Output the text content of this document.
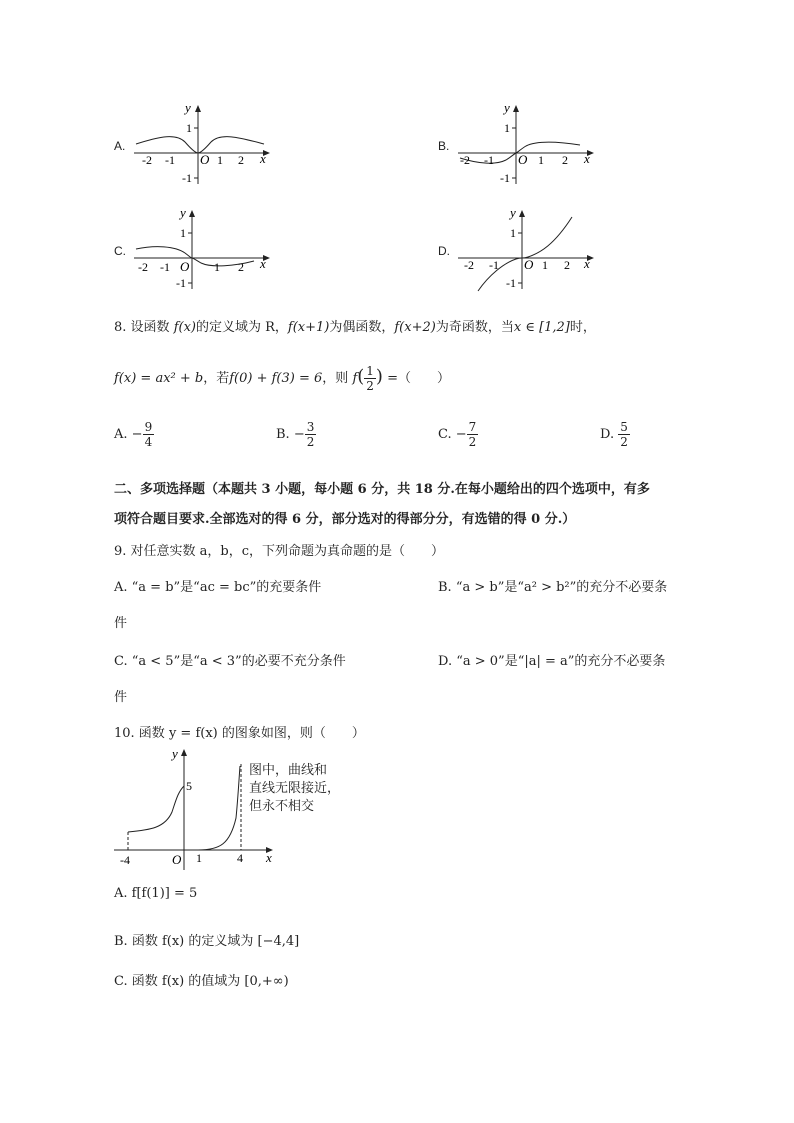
A.
y
x
O
-2 -1	1 2
1
-1
B.
y
x
O
-2 -1	1 2
1
-1
C.
y
x
O
-2 -1	1 2
1
-1
D.
y
x
O
-2 -1	1 2
1
-1
8. 设函数 f(x)的定义域为 R，f(x+1)为偶函数，f(x+2)为奇函数，当x ∈ [1,2]时，
f(x) = ax² + b，若f(0) + f(3) = 6，则 $f( \frac{1}{2}$ ) =（　　）
A. − $\frac{9}{4}$	B. − $\frac{3}{2}$	C. − $\frac{7}{2}$	D. $\frac{5}{2}$
二、多项选择题（本题共 3 小题，每小题 6 分，共 18 分.在每小题给出的四个选项中，有多
项符合题目要求.全部选对的得 6 分，部分选对的得部分分，有选错的得 0 分.）
9. 对任意实数 a，b，c，下列命题为真命题的是（　　）
A. “a = b”是“ac = bc”的充要条件	B. “a > b”是“a² > b²”的充分不必要条
件
C. “a < 5”是“a < 3”的必要不充分条件	D. “a > 0”是“|a| = a”的充分不必要条
件
10. 函数 y = f(x) 的图象如图，则（　　）
y
x
O
-4	1	4
5
图中，曲线和
直线无限接近，
但永不相交
A. f[f(1)] = 5
B. 函数 f(x) 的定义域为 [−4,4]
C. 函数 f(x) 的值域为 [0,+∞)
